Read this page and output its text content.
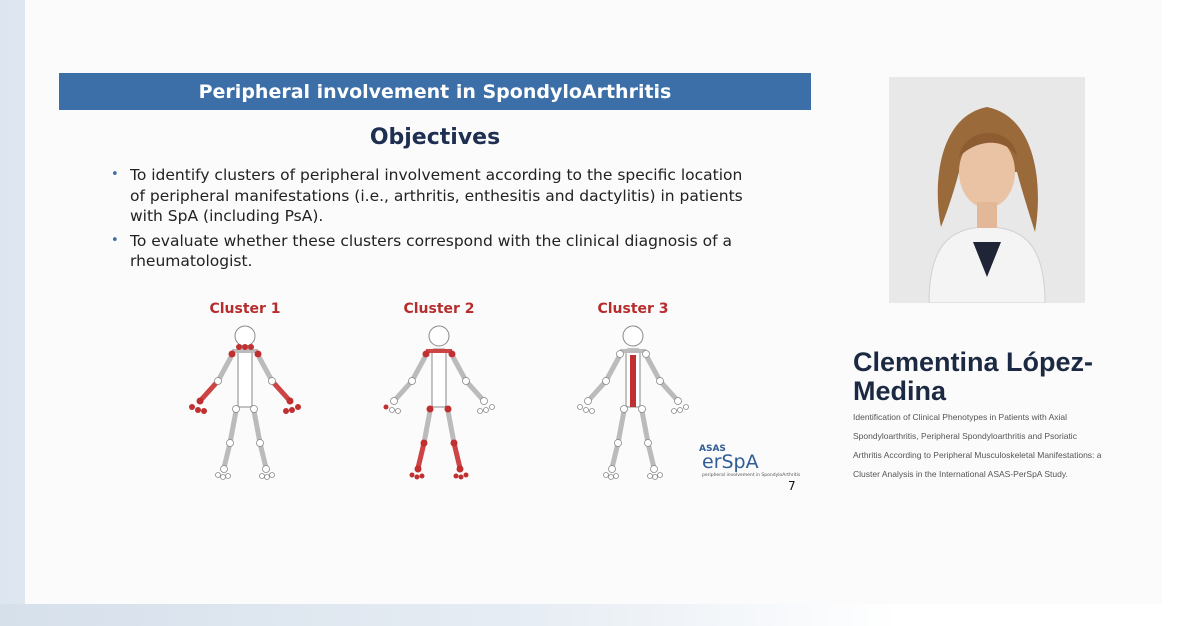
Peripheral involvement in SpondyloArthritis
Objectives
• To identify clusters of peripheral involvement according to the specific location of peripheral manifestations (i.e., arthritis, enthesitis and dactylitis) in patients with SpA (including PsA).
• To evaluate whether these clusters correspond with the clinical diagnosis of a rheumatologist.
Cluster 1	Cluster 2	Cluster 3
ASAS
erSpA
peripheral involvement in SpondyloArthritis
7
Clementina López-Medina
Identification of Clinical Phenotypes in Patients with Axial Spondyloarthritis, Peripheral Spondyloarthritis and Psoriatic Arthritis According to Peripheral Musculoskeletal Manifestations: a Cluster Analysis in the International ASAS-PerSpA Study.
